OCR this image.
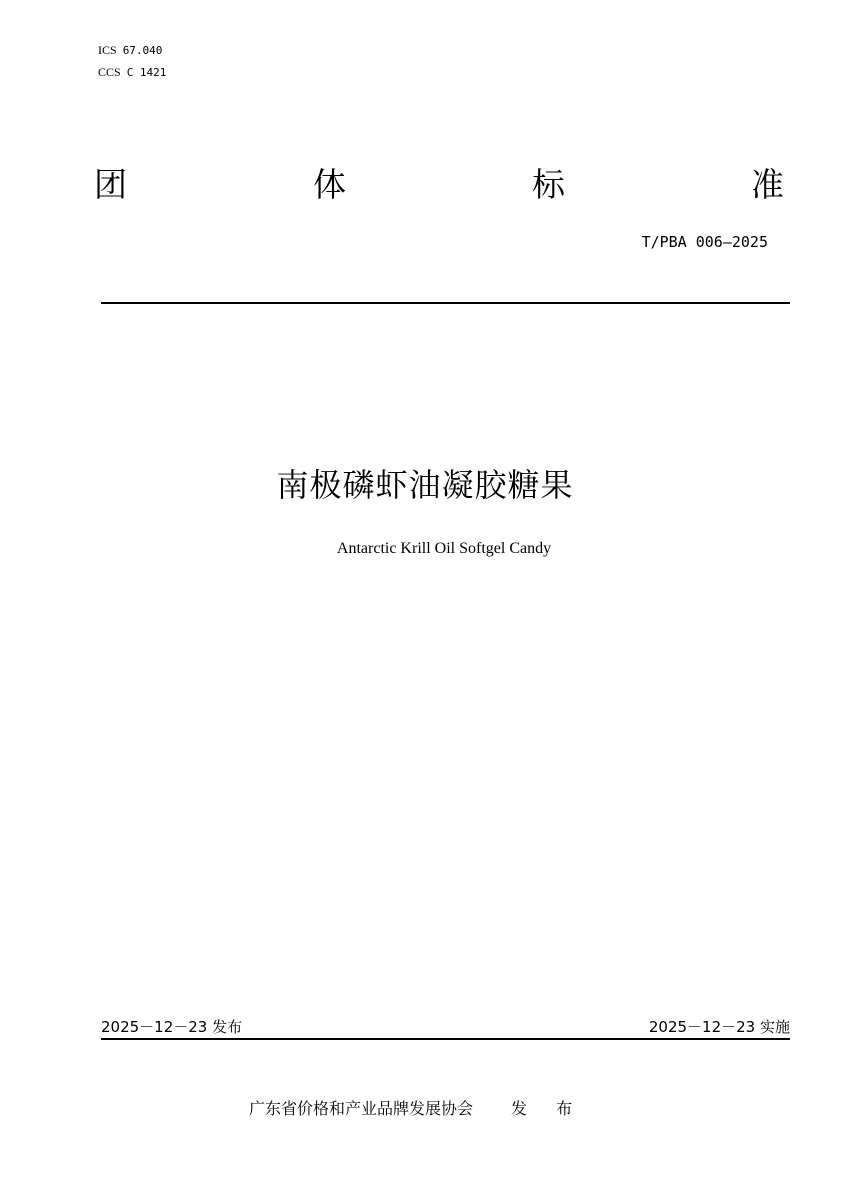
ICS 67.040
CCS C 1421
团	体	标	准
T/PBA 006—2025
南极磷虾油凝胶糖果
Antarctic Krill Oil Softgel Candy
2025－12－23 发布	2025－12－23 实施
广东省价格和产业品牌发展协会 发 布
